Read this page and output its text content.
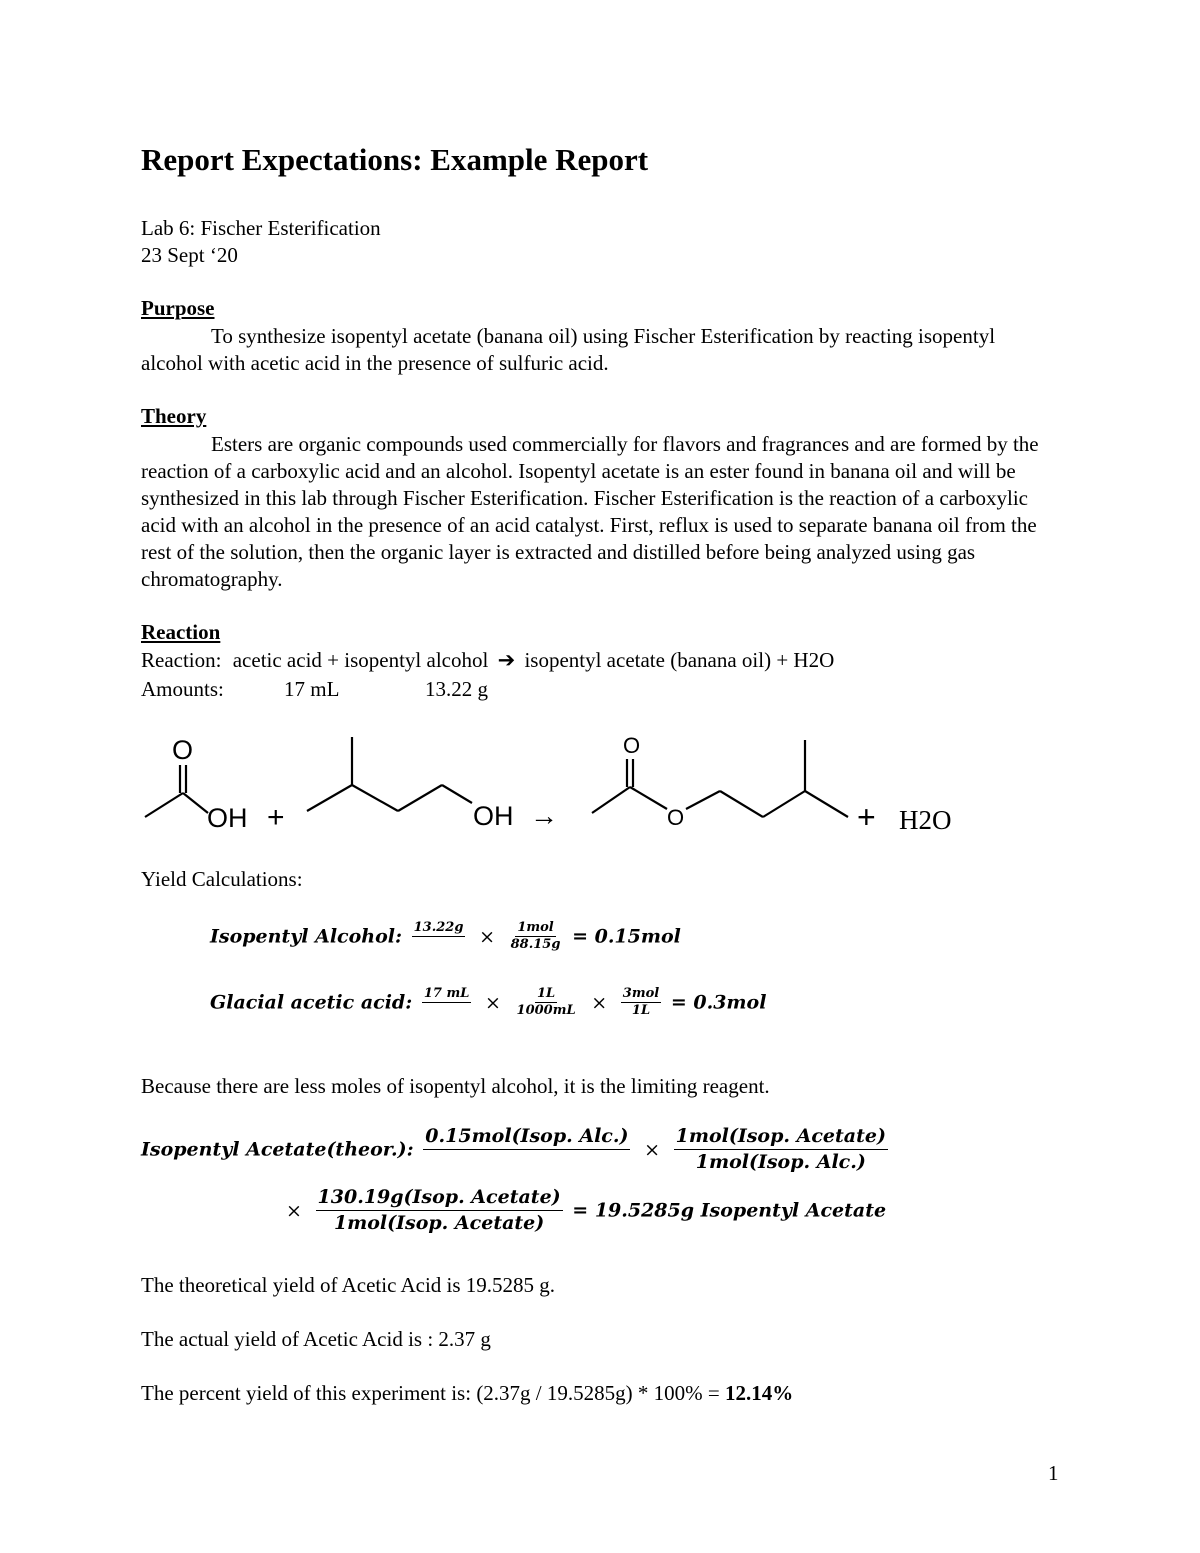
Report Expectations: Example Report
Lab 6: Fischer Esterification
23 Sept ‘20
Purpose
To synthesize isopentyl acetate (banana oil) using Fischer Esterification by reacting isopentyl alcohol with acetic acid in the presence of sulfuric acid.
Theory
Esters are organic compounds used commercially for flavors and fragrances and are formed by the reaction of a carboxylic acid and an alcohol. Isopentyl acetate is an ester found in banana oil and will be synthesized in this lab through Fischer Esterification. Fischer Esterification is the reaction of a carboxylic acid with an alcohol in the presence of an acid catalyst. First, reflux is used to separate banana oil from the rest of the solution, then the organic layer is extracted and distilled before being analyzed using gas chromatography.
Reaction
Reaction: acetic acid + isopentyl alcohol ➔ isopentyl acetate (banana oil) + H2O
Amounts:	17 mL	13.22 g
O
OH +	OH →
O
O	+ H2O
Yield Calculations:
Isopentyl Alcohol: 13.22g
× $\frac{\text{1mol}}{88.15g} = 0.15mol$
Glacial acetic acid: 17 mL
× $\frac{1L}{1000mL} \times \frac{\text{3mol}}{1L} = 0.3mol$
Because there are less moles of isopentyl alcohol, it is the limiting reagent.
Isopentyl Acetate(theor.):
0.15mol(Isop. Alc.)

× $\frac{\text{1mol(Isop. Acetate)}}{\text{1mol(Isop. Alc.)}}$
× $\frac{\text{130.19g(Isop. Acetate)}}{\text{1mol(Isop. Acetate)}} = 19.5285g$ Isopentyl Acetate
The theoretical yield of Acetic Acid is 19.5285 g.
The actual yield of Acetic Acid is : 2.37 g
The percent yield of this experiment is: (2.37g / 19.5285g) * 100% = 12.14%
1
